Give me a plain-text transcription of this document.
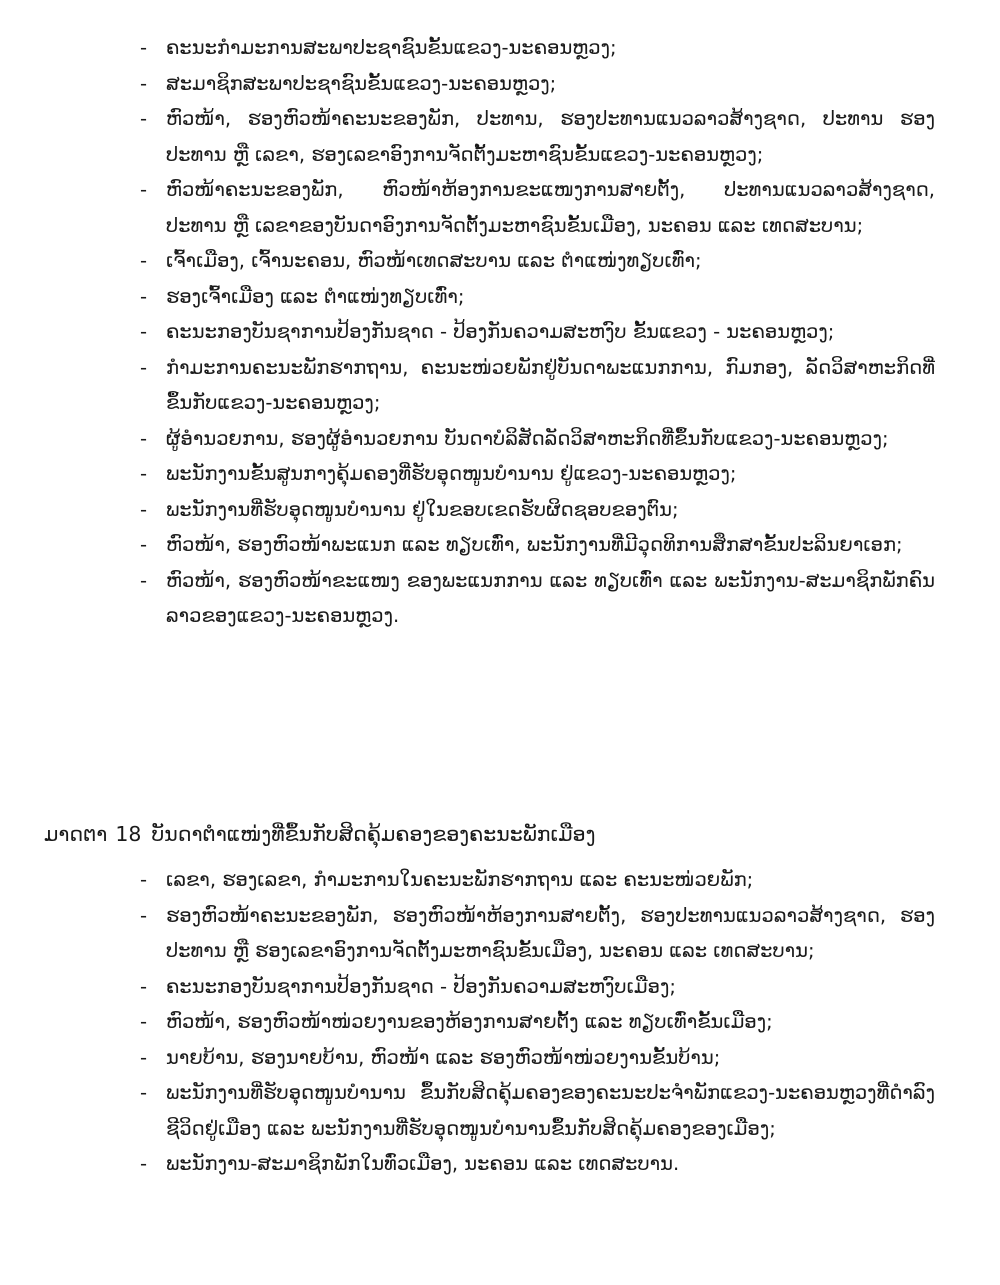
- ຄະນະກຳມະການສະພາປະຊາຊົນຂັ້ນແຂວງ-ນະຄອນຫຼວງ;
- ສະມາຊິກສະພາປະຊາຊົນຂັ້ນແຂວງ-ນະຄອນຫຼວງ;
- ຫົວໜ້າ, ຮອງຫົວໜ້າຄະນະຂອງພັກ, ປະທານ, ຮອງປະທານແນວລາວສ້າງຊາດ, ປະທານ ຮອງປະທານ ຫຼື ເລຂາ, ຮອງເລຂາອົງການຈັດຕັ້ງມະຫາຊົນຂັ້ນແຂວງ-ນະຄອນຫຼວງ;
- ຫົວໜ້າຄະນະຂອງພັກ, ຫົວໜ້າຫ້ອງການຂະແໜງການສາຍຕັ້ງ, ປະທານແນວລາວສ້າງຊາດ, ປະທານ ຫຼື ເລຂາຂອງບັນດາອົງການຈັດຕັ້ງມະຫາຊົນຂັ້ນເມືອງ, ນະຄອນ ແລະ ເທດສະບານ;
- ເຈົ້າເມືອງ, ເຈົ້ານະຄອນ, ຫົວໜ້າເທດສະບານ ແລະ ຕຳແໜ່ງທຽບເທົ່າ;
- ຮອງເຈົ້າເມືອງ ແລະ ຕຳແໜ່ງທຽບເທົ່າ;
- ຄະນະກອງບັນຊາການປ້ອງກັນຊາດ - ປ້ອງກັນຄວາມສະຫງົບ ຂັ້ນແຂວງ - ນະຄອນຫຼວງ;
- ກຳມະການຄະນະພັກຮາກຖານ, ຄະນະໜ່ວຍພັກຢູ່ບັນດາພະແນກການ, ກົມກອງ, ລັດວິສາຫະກິດທີ່ຂຶ້ນກັບແຂວງ-ນະຄອນຫຼວງ;
- ຜູ້ອຳນວຍການ, ຮອງຜູ້ອຳນວຍການ ບັນດາບໍລິສັດລັດວິສາຫະກິດທີ່ຂຶ້ນກັບແຂວງ-ນະຄອນຫຼວງ;
- ພະນັກງານຂັ້ນສູນກາງຄຸ້ມຄອງທີ່ຮັບອຸດໜູນບຳນານ ຢູ່ແຂວງ-ນະຄອນຫຼວງ;
- ພະນັກງານທີ່ຮັບອຸດໜູນບຳນານ ຢູ່ໃນຂອບເຂດຮັບຜິດຊອບຂອງຕົນ;
- ຫົວໜ້າ, ຮອງຫົວໜ້າພະແນກ ແລະ ທຽບເທົ່າ, ພະນັກງານທີ່ມີວຸດທິການສຶກສາຂັ້ນປະລິນຍາເອກ;
- ຫົວໜ້າ, ຮອງຫົວໜ້າຂະແໜງ ຂອງພະແນກການ ແລະ ທຽບເທົ່າ ແລະ ພະນັກງານ-ສະມາຊິກພັກຄົນລາວຂອງແຂວງ-ນະຄອນຫຼວງ.
ມາດຕາ 18 ບັນດາຕຳແໜ່ງທີ່ຂຶ້ນກັບສິດຄຸ້ມຄອງຂອງຄະນະພັກເມືອງ
- ເລຂາ, ຮອງເລຂາ, ກຳມະການໃນຄະນະພັກຮາກຖານ ແລະ ຄະນະໜ່ວຍພັກ;
- ຮອງຫົວໜ້າຄະນະຂອງພັກ, ຮອງຫົວໜ້າຫ້ອງການສາຍຕັ້ງ, ຮອງປະທານແນວລາວສ້າງຊາດ, ຮອງປະທານ ຫຼື ຮອງເລຂາອົງການຈັດຕັ້ງມະຫາຊົນຂັ້ນເມືອງ, ນະຄອນ ແລະ ເທດສະບານ;
- ຄະນະກອງບັນຊາການປ້ອງກັນຊາດ - ປ້ອງກັນຄວາມສະຫງົບເມືອງ;
- ຫົວໜ້າ, ຮອງຫົວໜ້າໜ່ວຍງານຂອງຫ້ອງການສາຍຕັ້ງ ແລະ ທຽບເທົ່າຂັ້ນເມືອງ;
- ນາຍບ້ານ, ຮອງນາຍບ້ານ, ຫົວໜ້າ ແລະ ຮອງຫົວໜ້າໜ່ວຍງານຂັ້ນບ້ານ;
- ພະນັກງານທີ່ຮັບອຸດໜູນບຳນານ ຂຶ້ນກັບສິດຄຸ້ມຄອງຂອງຄະນະປະຈຳພັກແຂວງ-ນະຄອນຫຼວງທີ່ດຳລົງຊີວິດຢູ່ເມືອງ ແລະ ພະນັກງານທີ່ຮັບອຸດໜູນບຳນານຂຶ້ນກັບສິດຄຸ້ມຄອງຂອງເມືອງ;
- ພະນັກງານ-ສະມາຊິກພັກໃນທົ່ວເມືອງ, ນະຄອນ ແລະ ເທດສະບານ.
